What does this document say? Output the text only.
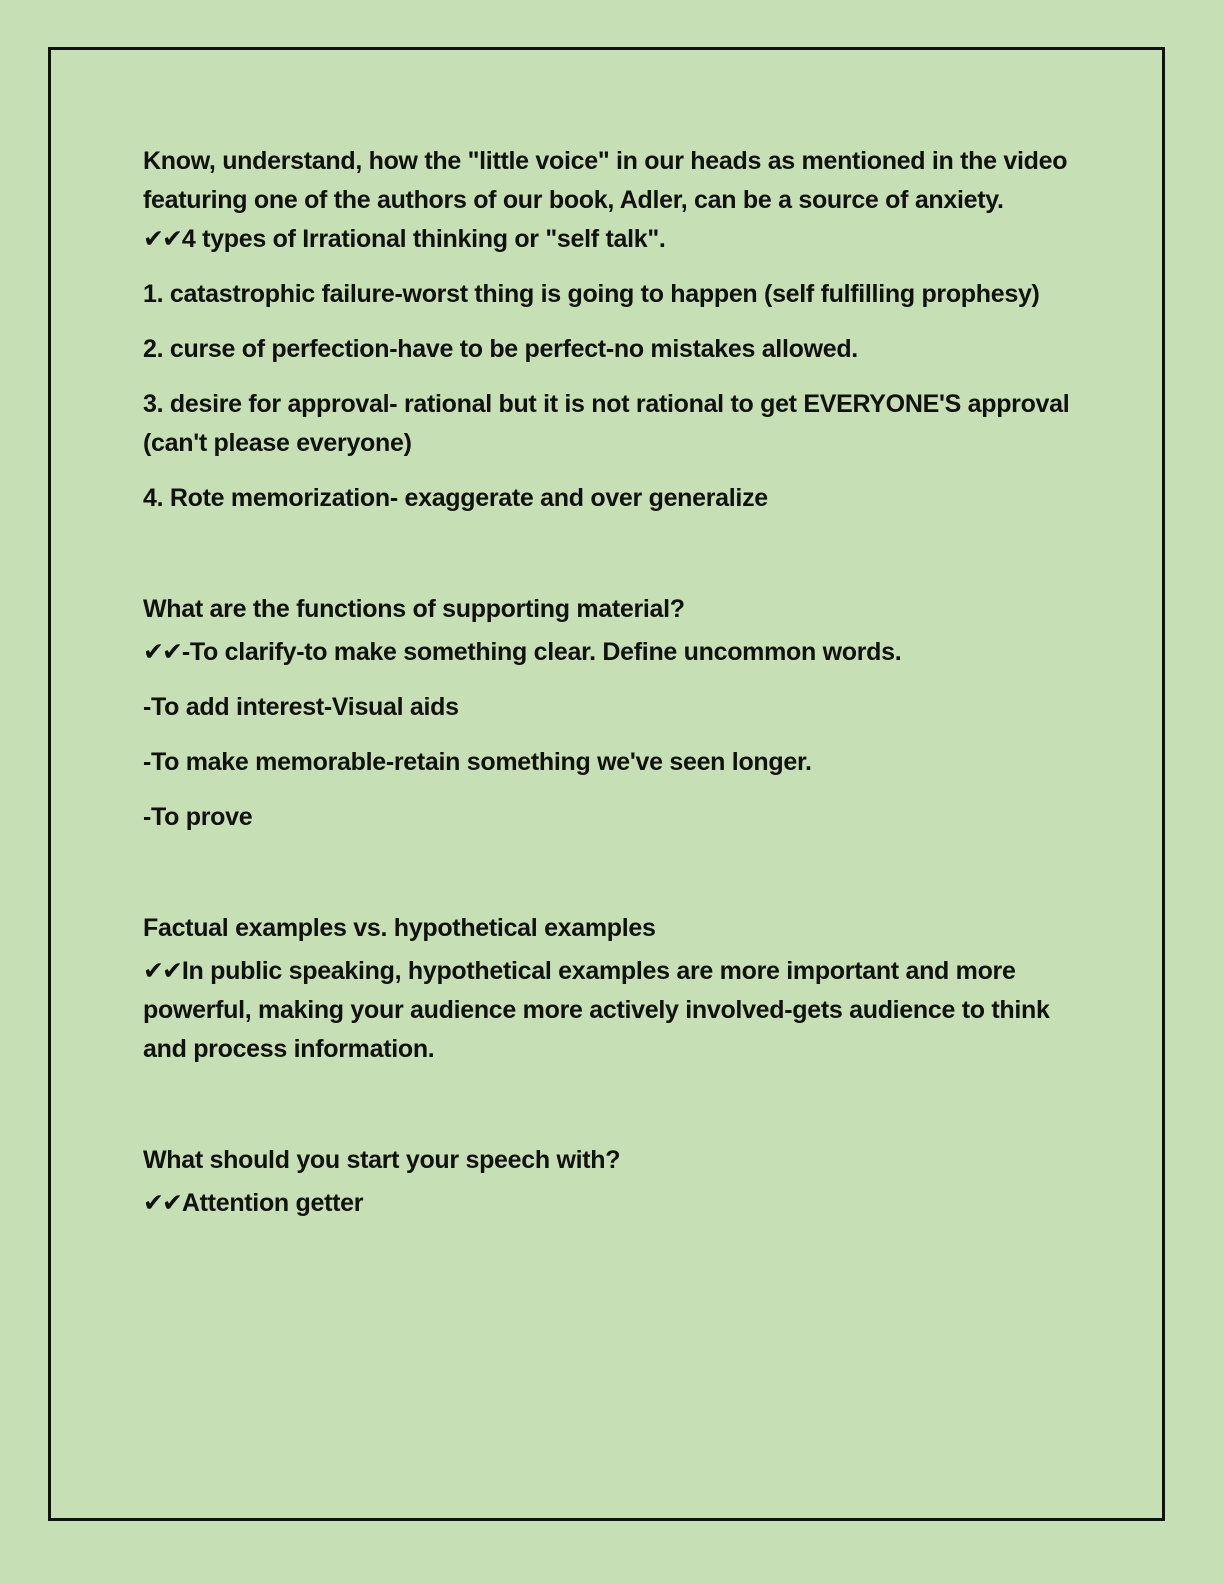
Know, understand, how the "little voice" in our heads as mentioned in the video featuring one of the authors of our book, Adler, can be a source of anxiety.

✔✔4 types of Irrational thinking or "self talk".

1. catastrophic failure-worst thing is going to happen (self fulfilling prophesy)

2. curse of perfection-have to be perfect-no mistakes allowed.

3. desire for approval- rational but it is not rational to get EVERYONE'S approval (can't please everyone)

4. Rote memorization- exaggerate and over generalize

What are the functions of supporting material?

✔✔-To clarify-to make something clear. Define uncommon words.

-To add interest-Visual aids

-To make memorable-retain something we've seen longer.

-To prove

Factual examples vs. hypothetical examples

✔✔In public speaking, hypothetical examples are more important and more powerful, making your audience more actively involved-gets audience to think and process information.

What should you start your speech with?

✔✔Attention getter
